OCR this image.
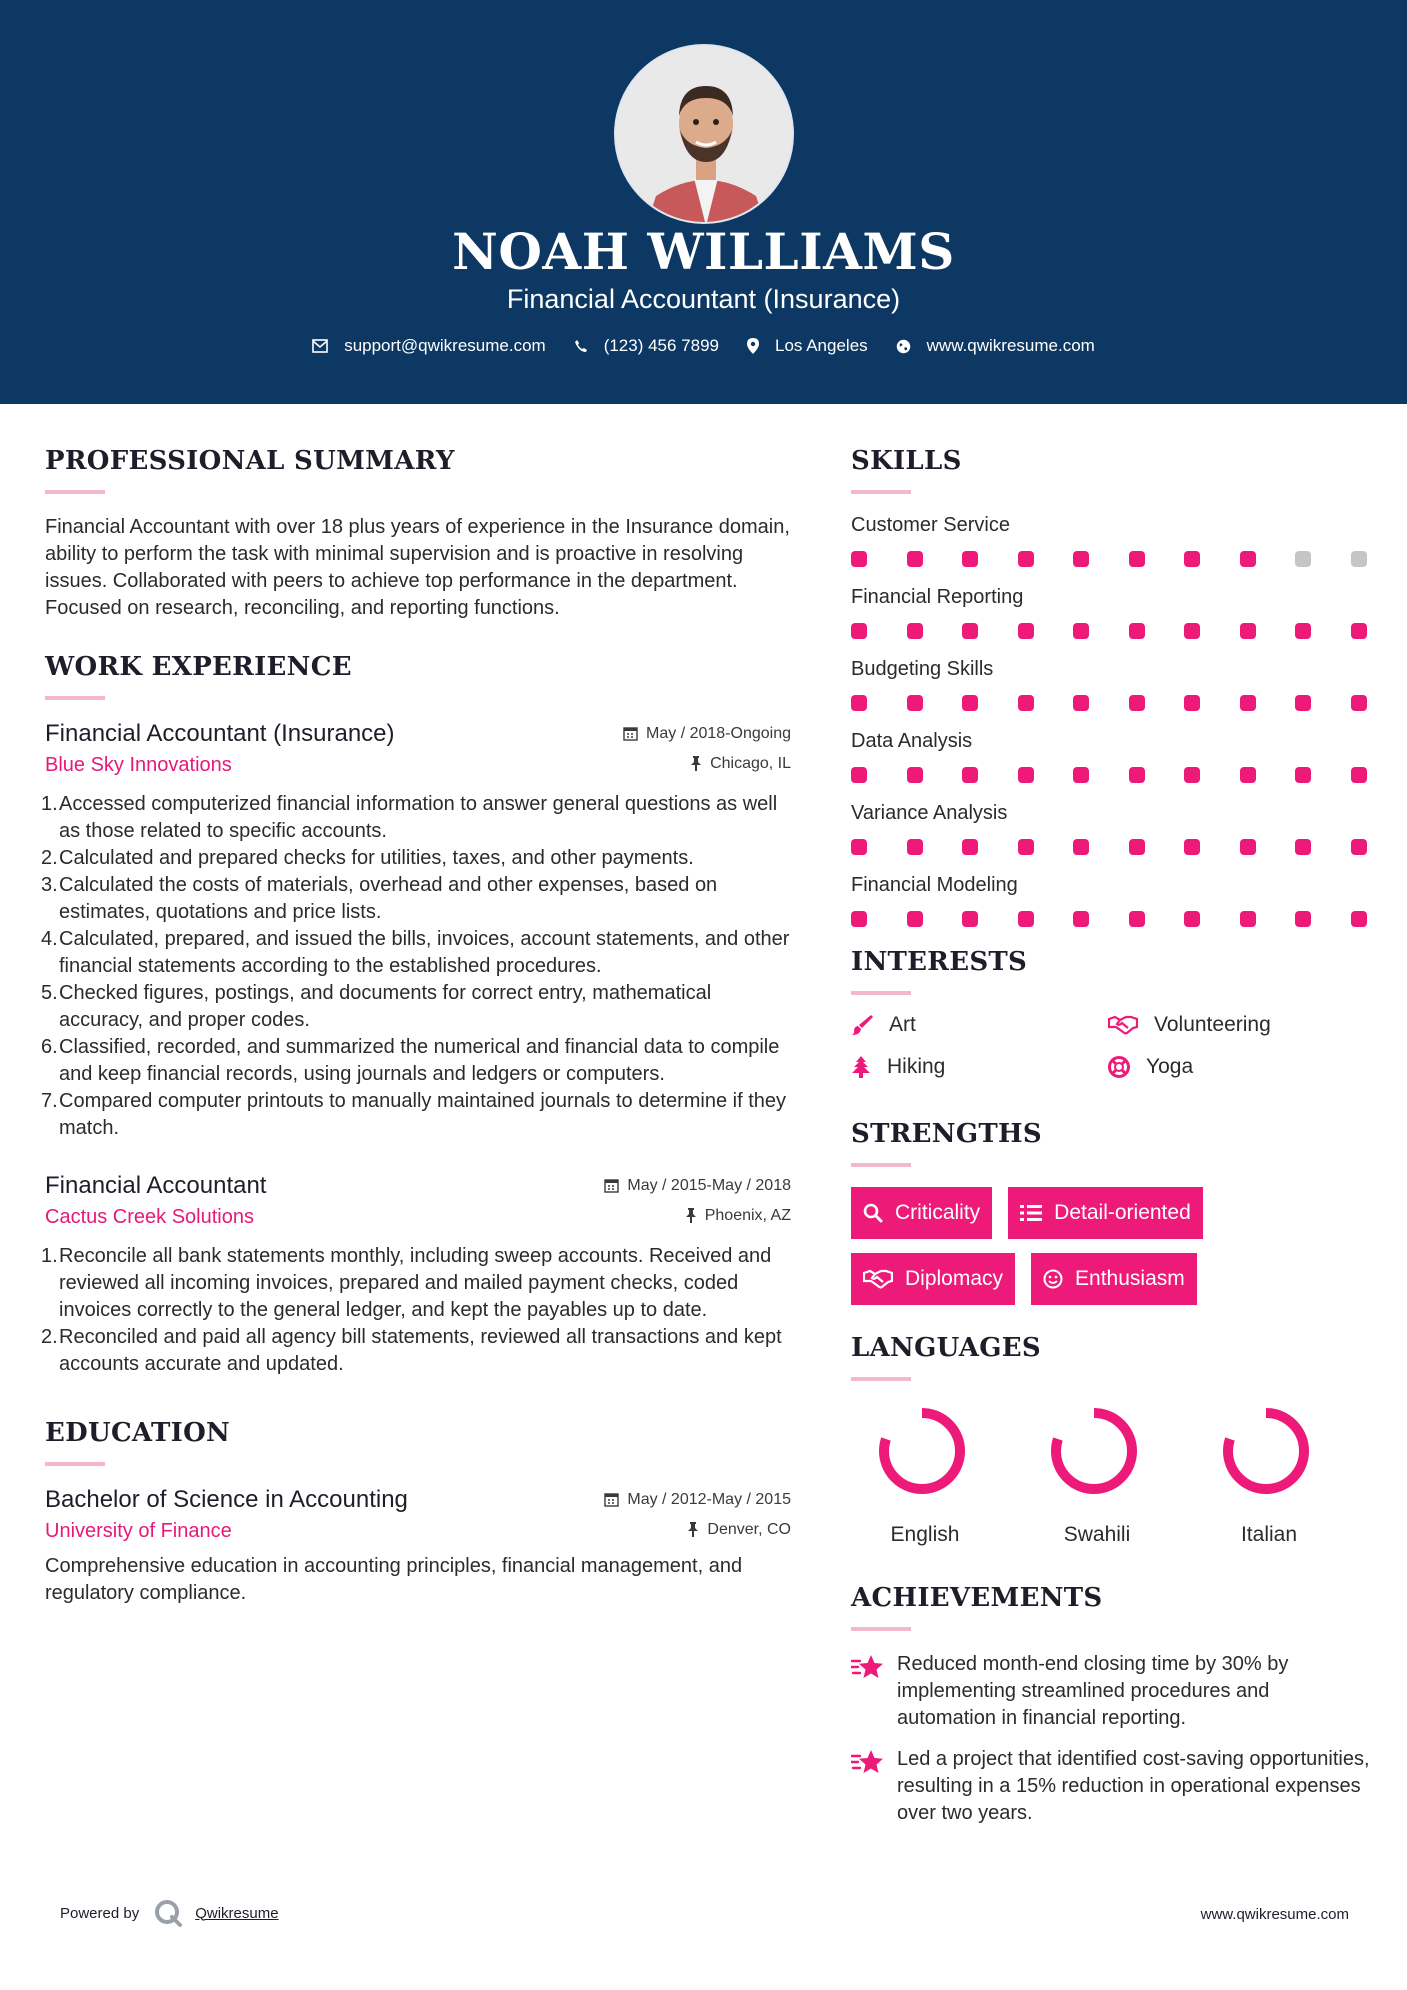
NOAH WILLIAMS
Financial Accountant (Insurance)
support@qwikresume.com	(123) 456 7899	Los Angeles	www.qwikresume.com
PROFESSIONAL SUMMARY
Financial Accountant with over 18 plus years of experience in the Insurance domain, ability to perform the task with minimal supervision and is proactive in resolving issues. Collaborated with peers to achieve top performance in the department. Focused on research, reconciling, and reporting functions.
WORK EXPERIENCE
Financial Accountant (Insurance)	May / 2018-Ongoing
Blue Sky Innovations	Chicago, IL
1. Accessed computerized financial information to answer general questions as well as those related to specific accounts.
2. Calculated and prepared checks for utilities, taxes, and other payments.
3. Calculated the costs of materials, overhead and other expenses, based on estimates, quotations and price lists.
4. Calculated, prepared, and issued the bills, invoices, account statements, and other financial statements according to the established procedures.
5. Checked figures, postings, and documents for correct entry, mathematical accuracy, and proper codes.
6. Classified, recorded, and summarized the numerical and financial data to compile and keep financial records, using journals and ledgers or computers.
7. Compared computer printouts to manually maintained journals to determine if they match.
Financial Accountant	May / 2015-May / 2018
Cactus Creek Solutions	Phoenix, AZ
1. Reconcile all bank statements monthly, including sweep accounts. Received and reviewed all incoming invoices, prepared and mailed payment checks, coded invoices correctly to the general ledger, and kept the payables up to date.
2. Reconciled and paid all agency bill statements, reviewed all transactions and kept accounts accurate and updated.
EDUCATION
Bachelor of Science in Accounting	May / 2012-May / 2015
University of Finance	Denver, CO
Comprehensive education in accounting principles, financial management, and regulatory compliance.
SKILLS
Customer Service
Financial Reporting
Budgeting Skills
Data Analysis
Variance Analysis
Financial Modeling
INTERESTS
Art	Volunteering
Hiking	Yoga
STRENGTHS
Criticality	Detail-oriented
Diplomacy	Enthusiasm
LANGUAGES
English	Swahili	Italian
ACHIEVEMENTS
Reduced month-end closing time by 30% by implementing streamlined procedures and automation in financial reporting.
Led a project that identified cost-saving opportunities, resulting in a 15% reduction in operational expenses over two years.
Powered by	Qwikresume	www.qwikresume.com
